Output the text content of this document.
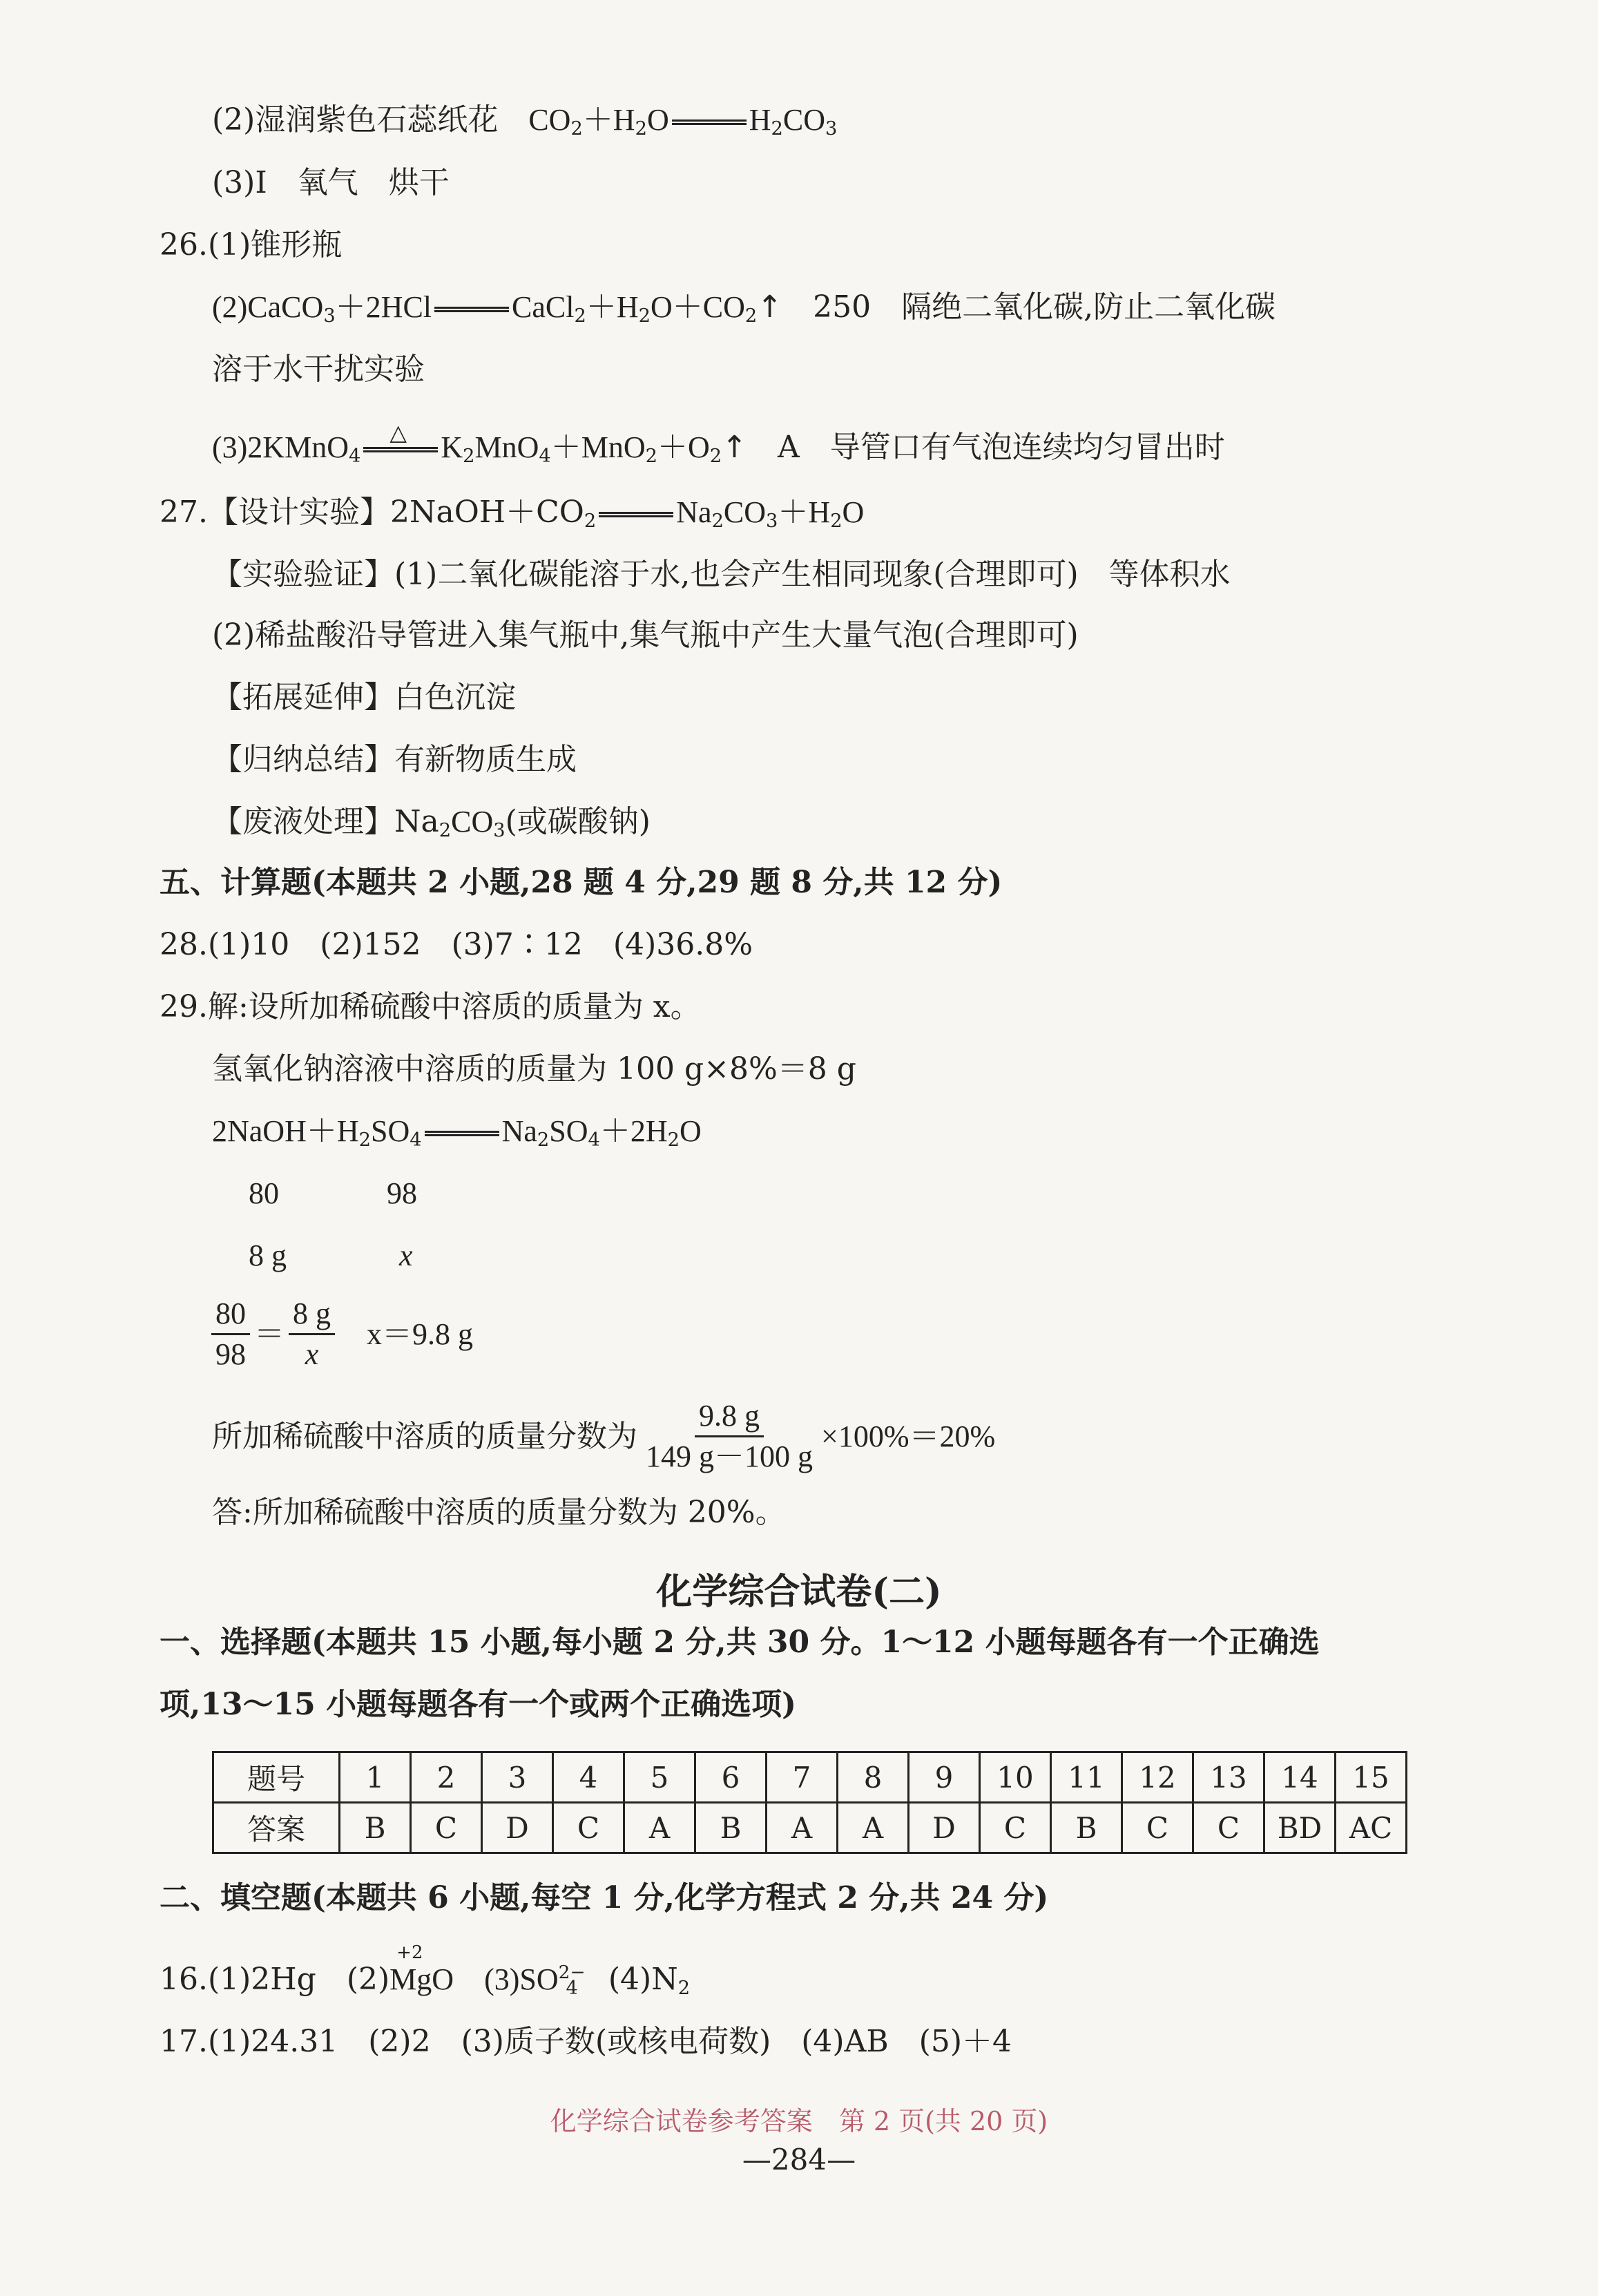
(2)湿润紫色石蕊纸花　$CO_2+H_2O$	$H_2CO_3$
(3)Ⅰ　氧气　烘干
26.(1)锥形瓶
(2)CaCO$_3$＋2HCl	$CaCl_2+H_2O+CO_2↑$　250　隔绝二氧化碳,防止二氧化碳
溶于水干扰实验
(3)2KMnO$_4$
△ $K_2MnO_4+MnO_2+O_2↑$　A　导管口有气泡连续均匀冒出时
27.【设计实验】$2NaOH+CO_2$	$Na_2CO_3+H_2O$
【实验验证】(1)二氧化碳能溶于水,也会产生相同现象(合理即可)　等体积水
(2)稀盐酸沿导管进入集气瓶中,集气瓶中产生大量气泡(合理即可)
【拓展延伸】白色沉淀
【归纳总结】有新物质生成
【废液处理】$Na_2CO_3$(或碳酸钠)
五、计算题(本题共 2 小题,28 题 4 分,29 题 8 分,共 12 分)
28.(1)10　(2)152　(3)7∶12　(4)36.8%
29.解:设所加稀硫酸中溶质的质量为 x。
氢氧化钠溶液中溶质的质量为 100 g×8%＝8 g
$2NaOH+H_2SO_4$	$Na_2SO_4+2H_2O$
80	98
8 g	x
$\frac{80}{98} = \frac{8 g}{x} x=9.8$ g
所加稀硫酸中溶质的质量分数为 $\frac{9.8 g}{149 g-100 g} \times 100\%=20\%$
答:所加稀硫酸中溶质的质量分数为 20%。
化学综合试卷(二)
一、选择题(本题共 15 小题,每小题 2 分,共 30 分。1～12 小题每题各有一个正确选
项,13～15 小题每题各有一个或两个正确选项)
题号	1	2	3	4	5	6	7	8	9	10	11	12	13	14	15
答案	B	C	D	C	A	B	A	A	D	C	B	C	C	BD	AC
二、填空题(本题共 6 小题,每空 1 分,化学方程式 2 分,共 24 分)
16.(1)2Hg　(2)
+2
MgO　$(3)SO^{2-}_4$　$(4)N_2$
17.(1)24.31　(2)2　(3)质子数(或核电荷数)　(4)AB　(5)＋4
化学综合试卷参考答案　第 2 页(共 20 页)
—284—
